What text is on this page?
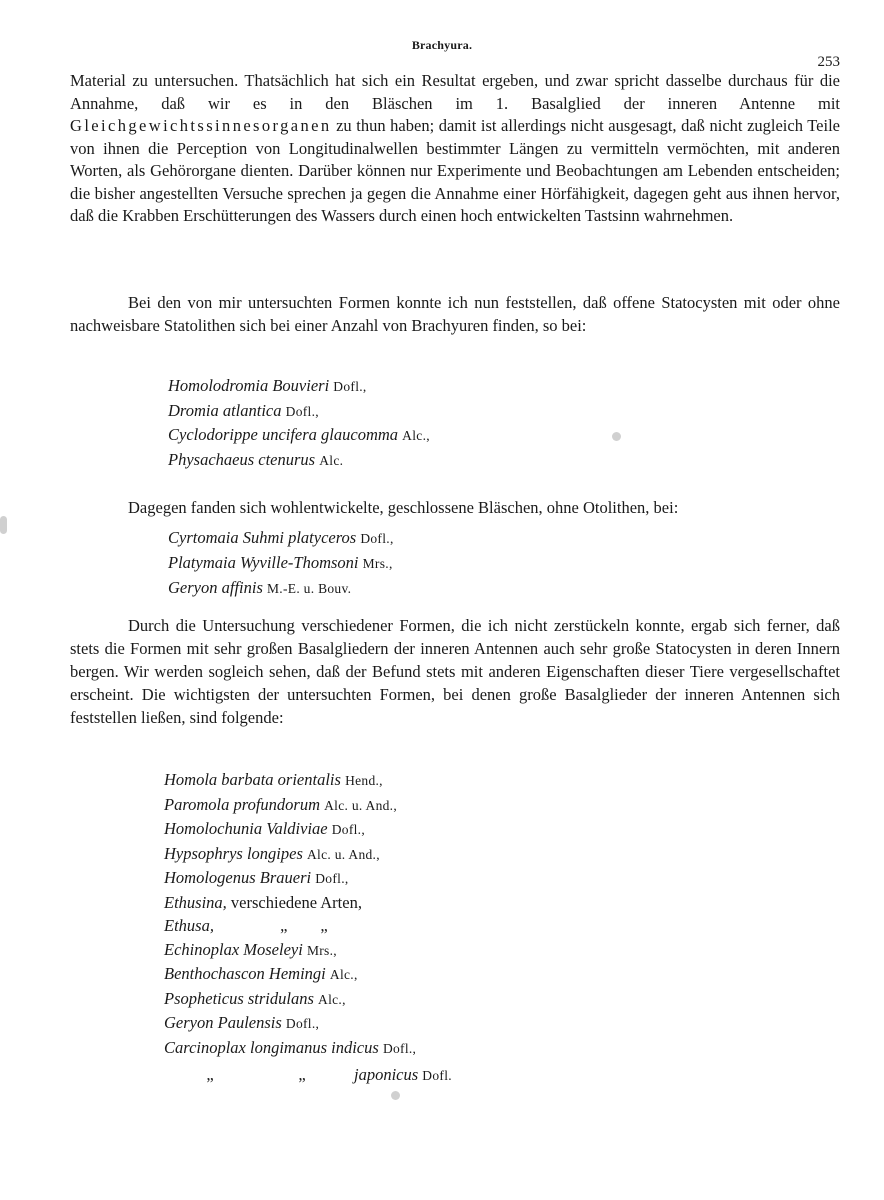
Brachyura.
253

Material zu untersuchen. Thatsächlich hat sich ein Resultat ergeben, und zwar spricht dasselbe durchaus für die Annahme, daß wir es in den Bläschen im 1. Basalglied der inneren Antenne mit Gleichgewichtssinnesorganen zu thun haben; damit ist allerdings nicht ausgesagt, daß nicht zugleich Teile von ihnen die Perception von Longitudinalwellen bestimmter Längen zu vermitteln vermöchten, mit anderen Worten, als Gehörorgane dienten. Darüber können nur Experimente und Beobachtungen am Lebenden entscheiden; die bisher angestellten Versuche sprechen ja gegen die Annahme einer Hörfähigkeit, dagegen geht aus ihnen hervor, daß die Krabben Erschütterungen des Wassers durch einen hoch entwickelten Tastsinn wahrnehmen.

Bei den von mir untersuchten Formen konnte ich nun feststellen, daß offene Statocysten mit oder ohne nachweisbare Statolithen sich bei einer Anzahl von Brachyuren finden, so bei:

Homolodromia Bouvieri Dofl.,
Dromia atlantica Dofl.,
Cyclodorippe uncifera glaucomma Alc.,
Physachaeus ctenurus Alc.

Dagegen fanden sich wohlentwickelte, geschlossene Bläschen, ohne Otolithen, bei:

Cyrtomaia Suhmi platyceros Dofl.,
Platymaia Wyville-Thomsoni Mrs.,
Geryon affinis M.-E. u. Bouv.

Durch die Untersuchung verschiedener Formen, die ich nicht zerstückeln konnte, ergab sich ferner, daß stets die Formen mit sehr großen Basalgliedern der inneren Antennen auch sehr große Statocysten in deren Innern bergen. Wir werden sogleich sehen, daß der Befund stets mit anderen Eigenschaften dieser Tiere vergesellschaftet erscheint. Die wichtigsten der untersuchten Formen, bei denen große Basalglieder der inneren Antennen sich feststellen ließen, sind folgende:

Homola barbata orientalis Hend.,
Paromola profundorum Alc. u. And.,
Homolochunia Valdiviae Dofl.,
Hypsophrys longipes Alc. u. And.,
Homologenus Braueri Dofl.,
Ethusina, verschiedene Arten,
Ethusa,	„        „
Echinoplax Moseleyi Mrs.,
Benthochascon Hemingi Alc.,
Psopheticus stridulans Alc.,
Geryon Paulensis Dofl.,
Carcinoplax longimanus indicus Dofl.,
„	„	japonicus Dofl.
